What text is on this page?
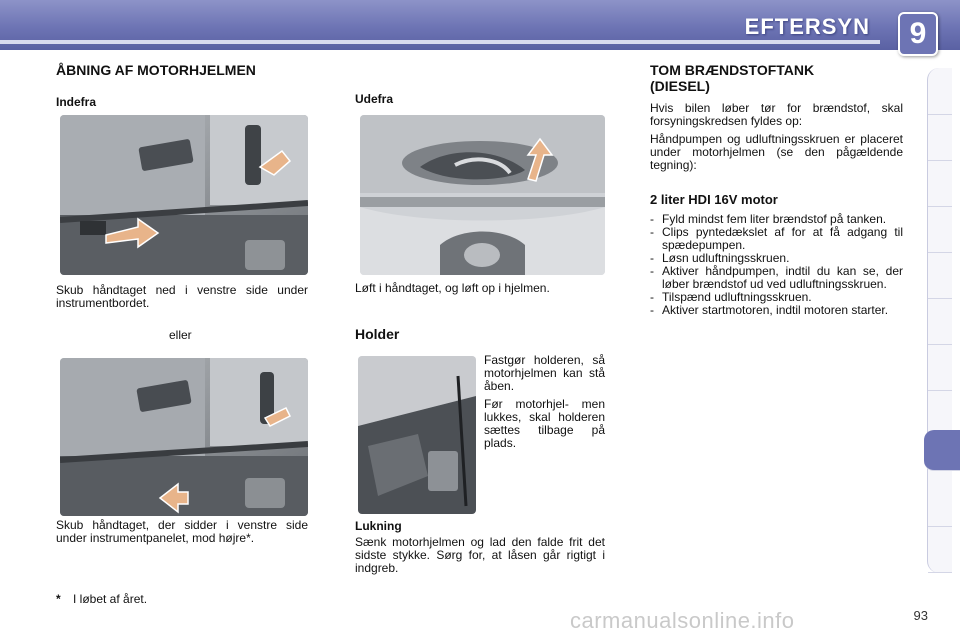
EFTERSYN	9
ÅBNING AF MOTORHJELMEN
Indefra
Skub håndtaget ned i venstre side under instrumentbordet.
eller
Skub håndtaget, der sidder i venstre side under instrumentpanelet, mod højre*.
* I løbet af året.
Udefra
Løft i håndtaget, og løft op i hjelmen.
Holder
Fastgør holderen, så motorhjelmen kan stå åben.
Før motorhjel- men lukkes, skal holderen sættes tilbage på plads.
Lukning
Sænk motorhjelmen og lad den falde frit det sidste stykke. Sørg for, at låsen går rigtigt i indgreb.
TOM BRÆNDSTOFTANK
(DIESEL)
Hvis bilen løber tør for brændstof, skal forsyningskredsen fyldes op:
Håndpumpen og udluftningsskruen er placeret under motorhjelmen (se den pågældende tegning):
2 liter HDI 16V motor
- Fyld mindst fem liter brændstof på tanken.
- Clips pyntedækslet af for at få adgang til spædepumpen.
- Løsn udluftningsskruen.
- Aktiver håndpumpen, indtil du kan se, der løber brændstof ud ved udluftningsskruen.
- Tilspænd udluftningsskruen.
- Aktiver startmotoren, indtil motoren starter.
carmanualsonline.info	93
